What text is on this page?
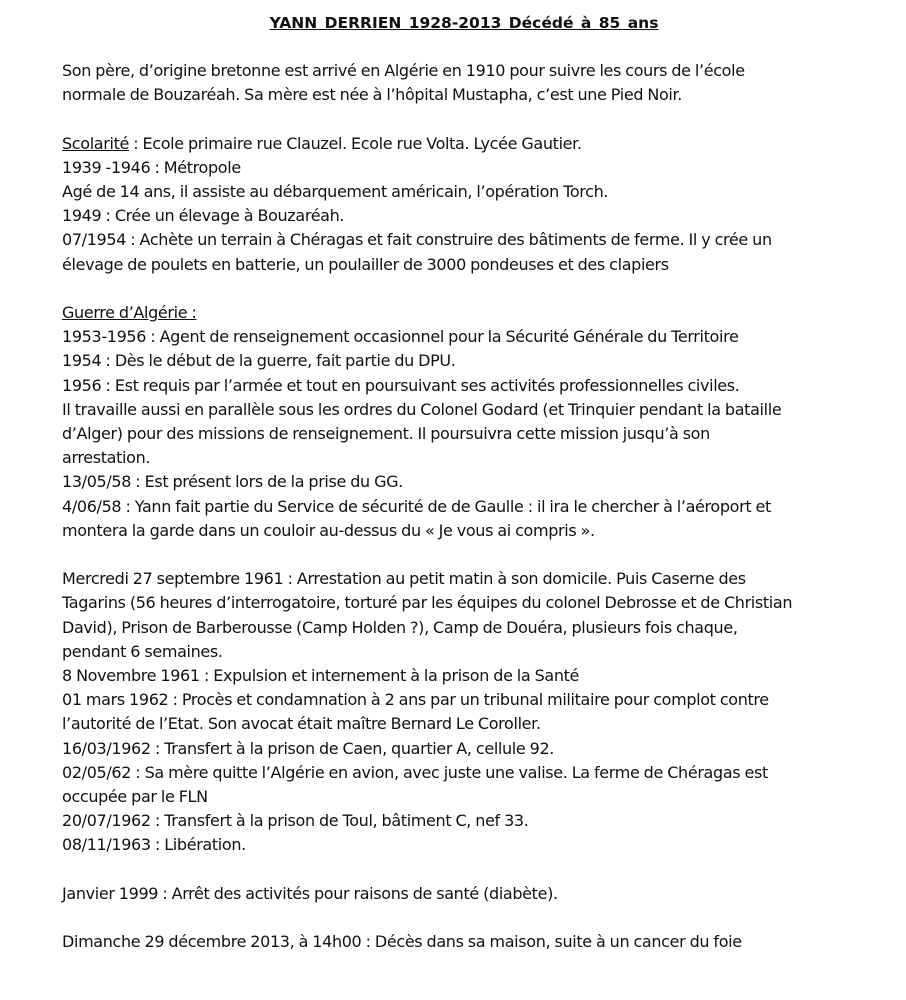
YANN DERRIEN 1928-2013 Décédé à 85 ans
Son père, d’origine bretonne est arrivé en Algérie en 1910 pour suivre les cours de l’école
normale de Bouzaréah. Sa mère est née à l’hôpital Mustapha, c’est une Pied Noir.
Scolarité : Ecole primaire rue Clauzel. Ecole rue Volta. Lycée Gautier.
1939 -1946 : Métropole
Agé de 14 ans, il assiste au débarquement américain, l’opération Torch.
1949 : Crée un élevage à Bouzaréah.
07/1954 : Achète un terrain à Chéragas et fait construire des bâtiments de ferme. Il y crée un
élevage de poulets en batterie, un poulailler de 3000 pondeuses et des clapiers
Guerre d’Algérie :
1953-1956 : Agent de renseignement occasionnel pour la Sécurité Générale du Territoire
1954 : Dès le début de la guerre, fait partie du DPU.
1956 : Est requis par l’armée et tout en poursuivant ses activités professionnelles civiles.
Il travaille aussi en parallèle sous les ordres du Colonel Godard (et Trinquier pendant la bataille
d’Alger) pour des missions de renseignement. Il poursuivra cette mission jusqu’à son
arrestation.
13/05/58 : Est présent lors de la prise du GG.
4/06/58 : Yann fait partie du Service de sécurité de de Gaulle : il ira le chercher à l’aéroport et
montera la garde dans un couloir au-dessus du « Je vous ai compris ».
Mercredi 27 septembre 1961 : Arrestation au petit matin à son domicile. Puis Caserne des
Tagarins (56 heures d’interrogatoire, torturé par les équipes du colonel Debrosse et de Christian
David), Prison de Barberousse (Camp Holden ?), Camp de Douéra, plusieurs fois chaque,
pendant 6 semaines.
8 Novembre 1961 : Expulsion et internement à la prison de la Santé
01 mars 1962 : Procès et condamnation à 2 ans par un tribunal militaire pour complot contre
l’autorité de l’Etat. Son avocat était maître Bernard Le Coroller.
16/03/1962 : Transfert à la prison de Caen, quartier A, cellule 92.
02/05/62 : Sa mère quitte l’Algérie en avion, avec juste une valise. La ferme de Chéragas est
occupée par le FLN
20/07/1962 : Transfert à la prison de Toul, bâtiment C, nef 33.
08/11/1963 : Libération.
Janvier 1999 : Arrêt des activités pour raisons de santé (diabète).
Dimanche 29 décembre 2013, à 14h00 : Décès dans sa maison, suite à un cancer du foie
